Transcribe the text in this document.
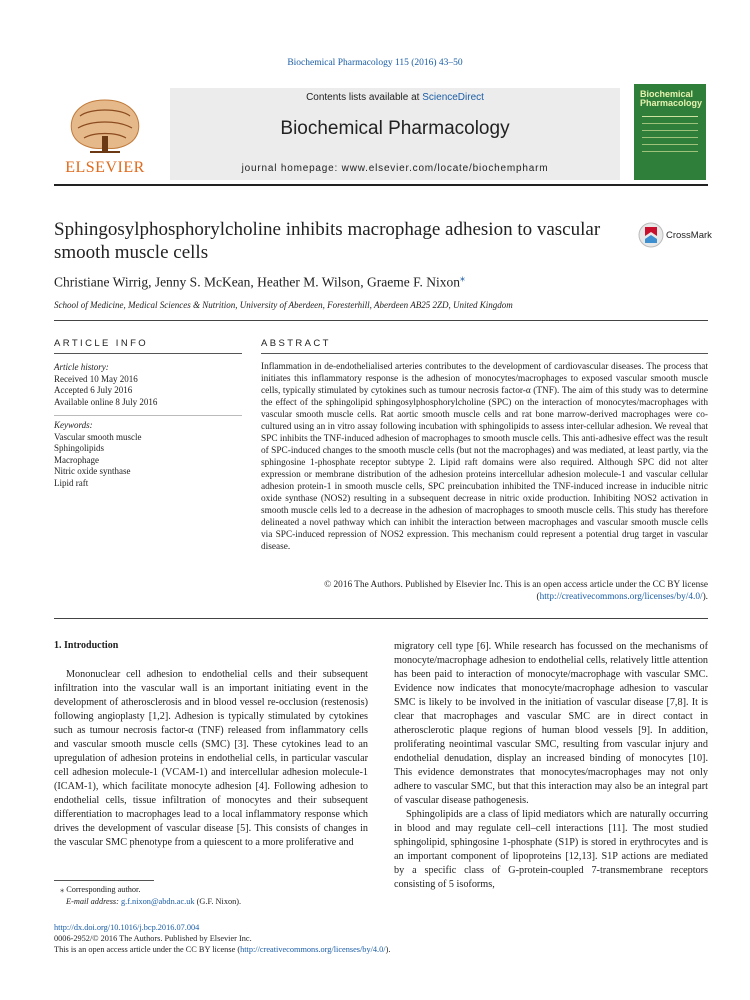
Biochemical Pharmacology 115 (2016) 43–50
Contents lists available at ScienceDirect
Biochemical Pharmacology
journal homepage: www.elsevier.com/locate/biochempharm
ELSEVIER
Biochemical Pharmacology
Sphingosylphosphorylcholine inhibits macrophage adhesion to vascular smooth muscle cells
CrossMark
Christiane Wirrig, Jenny S. McKean, Heather M. Wilson, Graeme F. Nixon⁎
School of Medicine, Medical Sciences & Nutrition, University of Aberdeen, Foresterhill, Aberdeen AB25 2ZD, United Kingdom
ARTICLE INFO	ABSTRACT
Article history:
Received 10 May 2016
Accepted 6 July 2016
Available online 8 July 2016
Keywords:
Vascular smooth muscle
Sphingolipids
Macrophage
Nitric oxide synthase
Lipid raft
Inflammation in de-endothelialised arteries contributes to the development of cardiovascular diseases. The process that initiates this inflammatory response is the adhesion of monocytes/macrophages to exposed vascular smooth muscle cells, typically stimulated by cytokines such as tumour necrosis factor-α (TNF). The aim of this study was to determine the effect of the sphingolipid sphingosylphosphorylcholine (SPC) on the interaction of monocytes/macrophages with vascular smooth muscle cells. Rat aortic smooth muscle cells and rat bone marrow-derived macrophages were co-cultured using an in vitro assay following incubation with sphingolipids to assess inter-cellular adhesion. We reveal that SPC inhibits the TNF-induced adhesion of macrophages to smooth muscle cells. This anti-adhesive effect was the result of SPC-induced changes to the smooth muscle cells (but not the macrophages) and was mediated, at least partly, via the sphingosine 1-phosphate receptor subtype 2. Lipid raft domains were also required. Although SPC did not alter expression or membrane distribution of the adhesion proteins intercellular adhesion molecule-1 and vascular cellular adhesion protein-1 in smooth muscle cells, SPC preincubation inhibited the TNF-induced increase in inducible nitric oxide synthase (NOS2) resulting in a subsequent decrease in nitric oxide production. Inhibiting NOS2 activation in smooth muscle cells led to a decrease in the adhesion of macrophages to smooth muscle cells. This study has therefore delineated a novel pathway which can inhibit the interaction between macrophages and vascular smooth muscle cells via SPC-induced repression of NOS2 expression. This mechanism could represent a potential drug target in vascular disease.
© 2016 The Authors. Published by Elsevier Inc. This is an open access article under the CC BY license (http://creativecommons.org/licenses/by/4.0/).
1. Introduction

Mononuclear cell adhesion to endothelial cells and their subsequent infiltration into the vascular wall is an important initiating event in the development of atherosclerosis and in blood vessel re-occlusion (restenosis) following angioplasty [1,2]. Adhesion is typically stimulated by cytokines such as tumour necrosis factor-α (TNF) released from inflammatory cells and vascular smooth muscle cells (SMC) [3]. These cytokines lead to an upregulation of adhesion proteins in endothelial cells, in particular vascular cell adhesion molecule-1 (VCAM-1) and intercellular adhesion molecule-1 (ICAM-1), which facilitate monocyte adhesion [4]. Following adhesion to endothelial cells, tissue infiltration of monocytes and their subsequent differentiation to macrophages lead to a local inflammatory response which drives the development of vascular disease [5]. This consists of changes in the vascular SMC phenotype from a quiescent to a more proliferative and

migratory cell type [6]. While research has focussed on the mechanisms of monocyte/macrophage adhesion to endothelial cells, relatively little attention has been paid to interaction of monocyte/macrophage with vascular SMC. Evidence now indicates that monocyte/macrophage adhesion to vascular SMC is likely to be involved in the initiation of vascular disease [7,8]. It is clear that macrophages and vascular SMC are in direct contact in atherosclerotic plaque regions of human blood vessels [9]. In addition, proliferating neointimal vascular SMC, resulting from vascular injury and endothelial denudation, display an increased binding of monocytes [10]. This evidence demonstrates that monocytes/macrophages may not only adhere to vascular SMC, but that this interaction may also be an integral part of vascular disease pathogenesis.

Sphingolipids are a class of lipid mediators which are naturally occurring in blood and may regulate cell–cell interactions [11]. The most studied sphingolipid, sphingosine 1-phosphate (S1P) is stored in erythrocytes and is an important component of lipoproteins [12,13]. S1P actions are mediated by a specific class of G-protein-coupled 7-transmembrane receptors consisting of 5 isoforms,

⁎ Corresponding author.
E-mail address: g.f.nixon@abdn.ac.uk (G.F. Nixon).
http://dx.doi.org/10.1016/j.bcp.2016.07.004
0006-2952/© 2016 The Authors. Published by Elsevier Inc.
This is an open access article under the CC BY license (http://creativecommons.org/licenses/by/4.0/).
